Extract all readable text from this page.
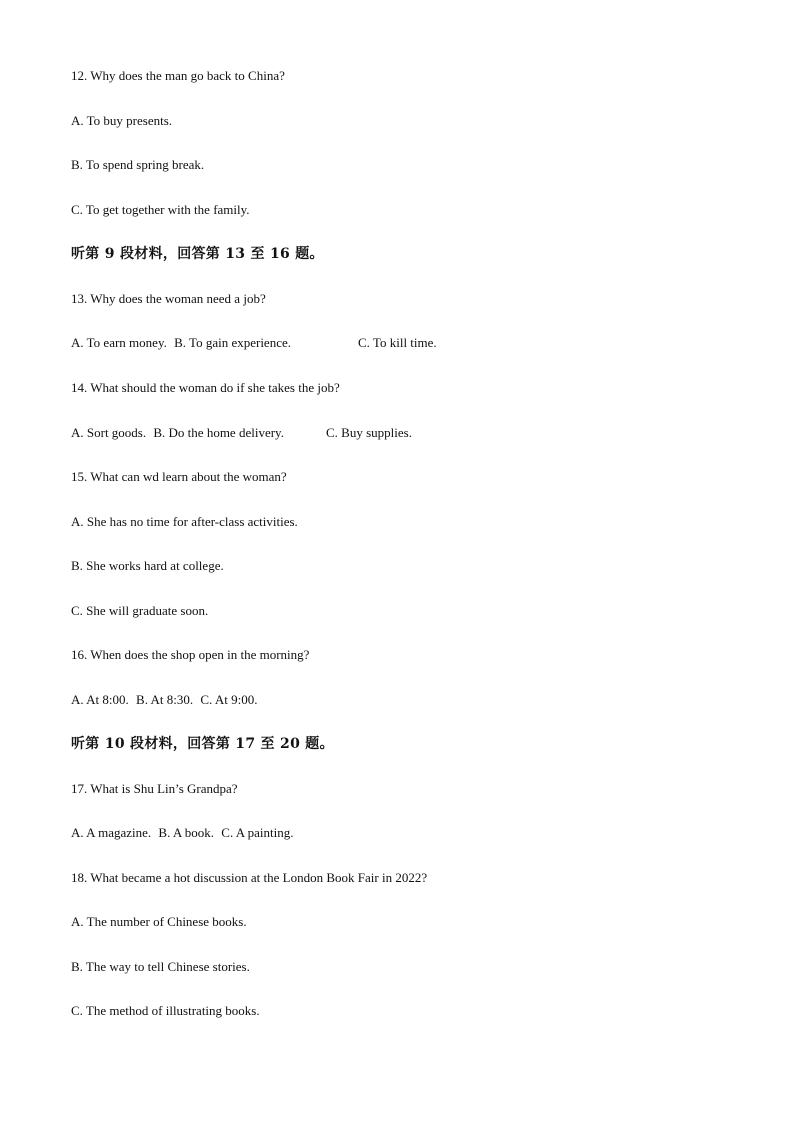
12. Why does the man go back to China?
A. To buy presents.
B. To spend spring break.
C. To get together with the family.
听第 9 段材料，回答第 13 至 16 题。
13. Why does the woman need a job?
A. To earn money. B. To gain experience.	C. To kill time.
14. What should the woman do if she takes the job?
A. Sort goods. B. Do the home delivery.	C. Buy supplies.
15. What can wd learn about the woman?
A. She has no time for after-class activities.
B. She works hard at college.
C. She will graduate soon.
16. When does the shop open in the morning?
A. At 8:00. B. At 8:30. C. At 9:00.
听第 10 段材料，回答第 17 至 20 题。
17. What is Shu Lin’s Grandpa?
A. A magazine. B. A book. C. A painting.
18. What became a hot discussion at the London Book Fair in 2022?
A. The number of Chinese books.
B. The way to tell Chinese stories.
C. The method of illustrating books.
